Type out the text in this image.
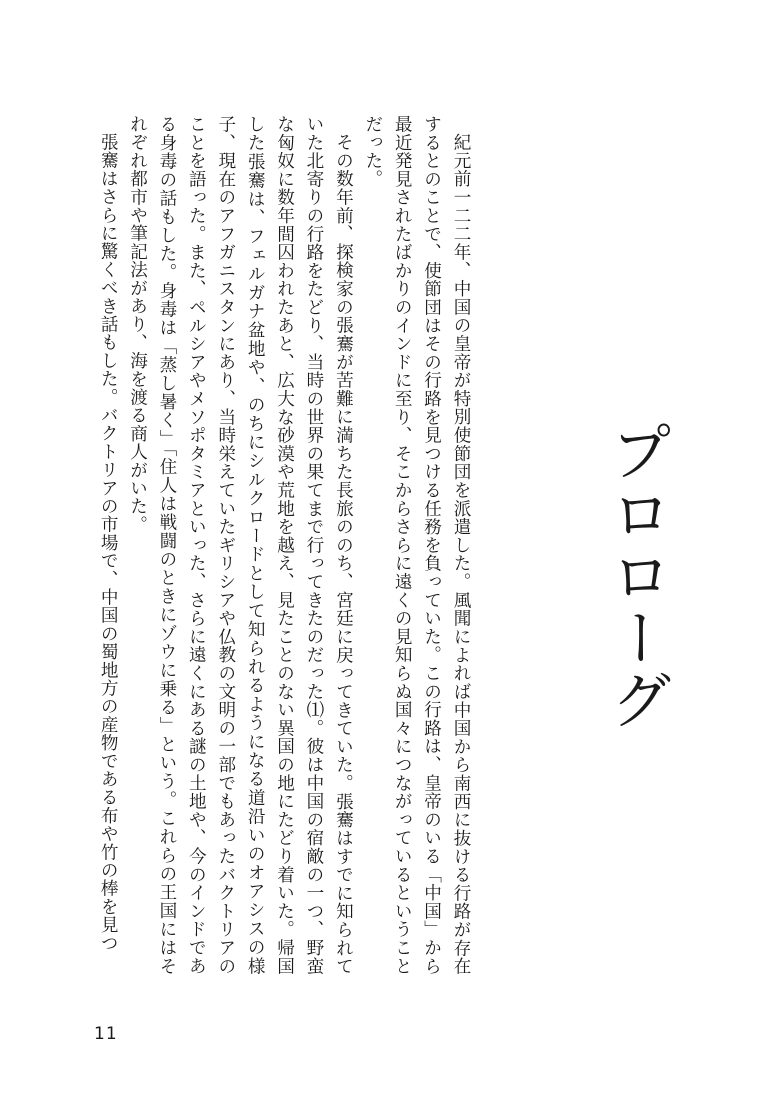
プロローグ

紀元前一二二年、中国の皇帝が特別使節団を派遣した。風聞によれば中国から南西に抜ける行路が存在するとのことで、使節団はその行路を見つける任務を負っていた。この行路は、皇帝のいる「中国」から最近発見されたばかりのインドに至り、そこからさらに遠くの見知らぬ国々につながっているということだった。

その数年前、探検家の張騫が苦難に満ちた長旅ののち、宮廷に戻ってきていた。張騫はすでに知られていた北寄りの行路をたどり、当時の世界の果てまで行ってきたのだった⑴。彼は中国の宿敵の一つ、野蛮な匈奴に数年間囚われたあと、広大な砂漠や荒地を越え、見たことのない異国の地にたどり着いた。帰国した張騫は、フェルガナ盆地や、のちにシルクロードとして知られるようになる道沿いのオアシスの様子、現在のアフガニスタンにあり、当時栄えていたギリシアや仏教の文明の一部でもあったバクトリアのことを語った。また、ペルシアやメソポタミアといった、さらに遠くにある謎の土地や、今のインドである身毒の話もした。身毒は「蒸し暑く」「住人は戦闘のときにゾウに乗る」という。これらの王国にはそれぞれ都市や筆記法があり、海を渡る商人がいた。

張騫はさらに驚くべき話もした。バクトリアの市場で、中国の蜀地方の産物である布や竹の棒を見つ

11
